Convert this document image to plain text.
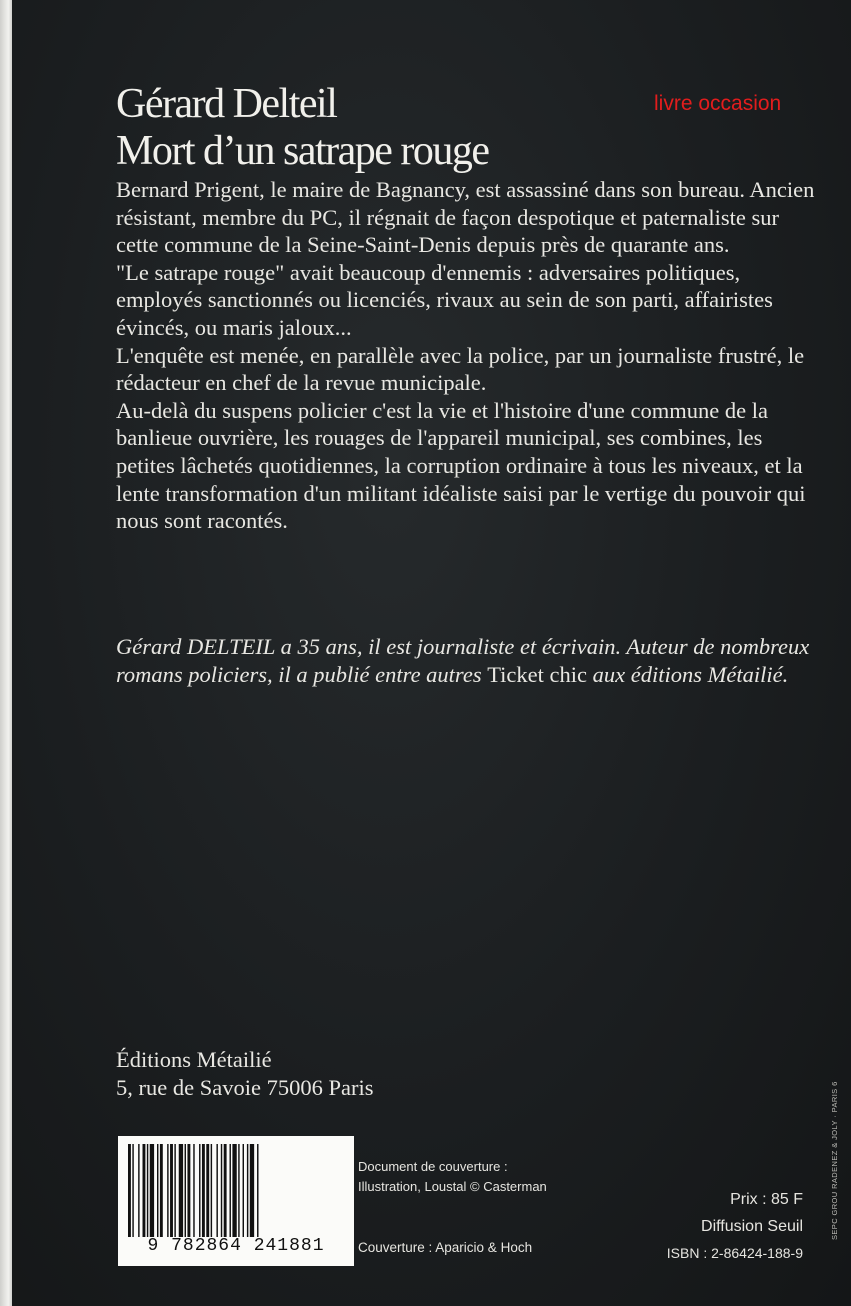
livre occasion
Gérard Delteil
Mort d’un satrape rouge

Bernard Prigent, le maire de Bagnancy, est assassiné dans son bureau. Ancien résistant, membre du PC, il régnait de façon despotique et paternaliste sur cette commune de la Seine-Saint-Denis depuis près de quarante ans.

"Le satrape rouge" avait beaucoup d'ennemis : adversaires politiques, employés sanctionnés ou licenciés, rivaux au sein de son parti, affairistes évincés, ou maris jaloux...

L'enquête est menée, en parallèle avec la police, par un journaliste frustré, le rédacteur en chef de la revue municipale.

Au-delà du suspens policier c'est la vie et l'histoire d'une commune de la banlieue ouvrière, les rouages de l'appareil municipal, ses combines, les petites lâchetés quotidiennes, la corruption ordinaire à tous les niveaux, et la lente transformation d'un militant idéaliste saisi par le vertige du pouvoir qui nous sont racontés.

Gérard DELTEIL a 35 ans, il est journaliste et écrivain. Auteur de nombreux romans policiers, il a publié entre autres Ticket chic aux éditions Métailié.
Éditions Métailié
5, rue de Savoie 75006 Paris
9 782864 241881
Document de couverture :
Illustration, Loustal © Casterman
Couverture : Aparicio & Hoch
Prix : 85 F
Diffusion Seuil
ISBN : 2-86424-188-9
SEPC GROU RADENEZ & JOLY · PARIS 6
